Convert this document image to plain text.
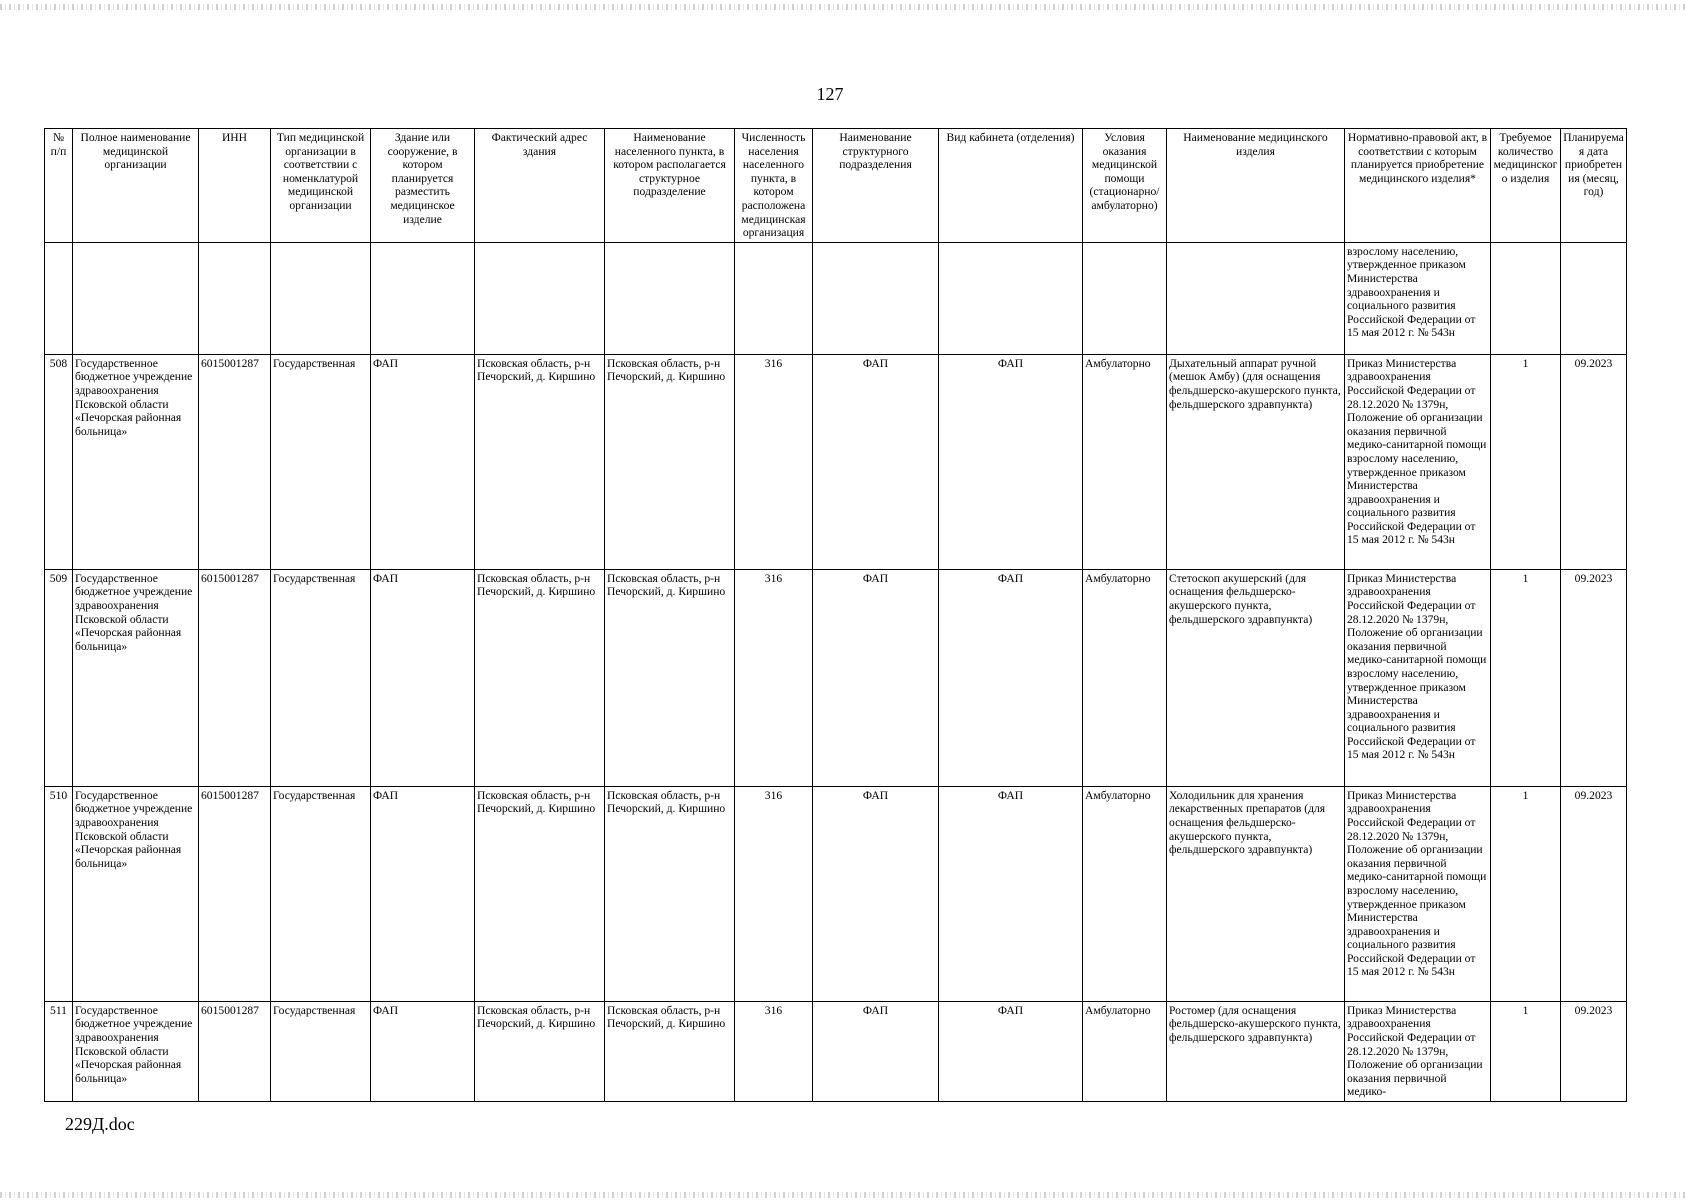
127
№ п/п	Полное наименование медицинской организации	ИНН	Тип медицинской организации в соответствии с номенклатурой медицинской организации	Здание или сооружение, в котором планируется разместить медицинское изделие	Фактический адрес здания	Наименование населенного пункта, в котором располагается структурное подразделение	Численность населения населенного пункта, в котором расположена медицинская организация	Наименование структурного подразделения	Вид кабинета (отделения)	Условия оказания медицинской помощи (стационарно/ амбулаторно)	Наименование медицинского изделия	Нормативно-правовой акт, в соответствии с которым планируется приобретение медицинского изделия*	Требуемое количество медицинского изделия	Планируемая дата приобретения (месяц, год)
												взрослому населению, утвержденное приказом Министерства здравоохранения и социального развития Российской Федерации от 15 мая 2012 г. № 543н		
508	Государственное бюджетное учреждение здравоохранения Псковской области «Печорская районная больница»	6015001287	Государственная	ФАП	Псковская область, р-н Печорский, д. Киршино	Псковская область, р-н Печорский, д. Киршино	316	ФАП	ФАП	Амбулаторно	Дыхательный аппарат ручной (мешок Амбу) (для оснащения фельдшерско-акушерского пункта, фельдшерского здравпункта)	Приказ Министерства здравоохранения Российской Федерации от 28.12.2020 № 1379н, Положение об организации оказания первичной медико-санитарной помощи взрослому населению, утвержденное приказом Министерства здравоохранения и социального развития Российской Федерации от 15 мая 2012 г. № 543н	1	09.2023
509	Государственное бюджетное учреждение здравоохранения Псковской области «Печорская районная больница»	6015001287	Государственная	ФАП	Псковская область, р-н Печорский, д. Киршино	Псковская область, р-н Печорский, д. Киршино	316	ФАП	ФАП	Амбулаторно	Стетоскоп акушерский (для оснащения фельдшерско-акушерского пункта, фельдшерского здравпункта)	Приказ Министерства здравоохранения Российской Федерации от 28.12.2020 № 1379н, Положение об организации оказания первичной медико-санитарной помощи взрослому населению, утвержденное приказом Министерства здравоохранения и социального развития Российской Федерации от 15 мая 2012 г. № 543н	1	09.2023
510	Государственное бюджетное учреждение здравоохранения Псковской области «Печорская районная больница»	6015001287	Государственная	ФАП	Псковская область, р-н Печорский, д. Киршино	Псковская область, р-н Печорский, д. Киршино	316	ФАП	ФАП	Амбулаторно	Холодильник для хранения лекарственных препаратов (для оснащения фельдшерско-акушерского пункта, фельдшерского здравпункта)	Приказ Министерства здравоохранения Российской Федерации от 28.12.2020 № 1379н, Положение об организации оказания первичной медико-санитарной помощи взрослому населению, утвержденное приказом Министерства здравоохранения и социального развития Российской Федерации от 15 мая 2012 г. № 543н	1	09.2023
511	Государственное бюджетное учреждение здравоохранения Псковской области «Печорская районная больница»	6015001287	Государственная	ФАП	Псковская область, р-н Печорский, д. Киршино	Псковская область, р-н Печорский, д. Киршино	316	ФАП	ФАП	Амбулаторно	Ростомер (для оснащения фельдшерско-акушерского пункта, фельдшерского здравпункта)	Приказ Министерства здравоохранения Российской Федерации от 28.12.2020 № 1379н, Положение об организации оказания первичной медико-	1	09.2023
229Д.doc
